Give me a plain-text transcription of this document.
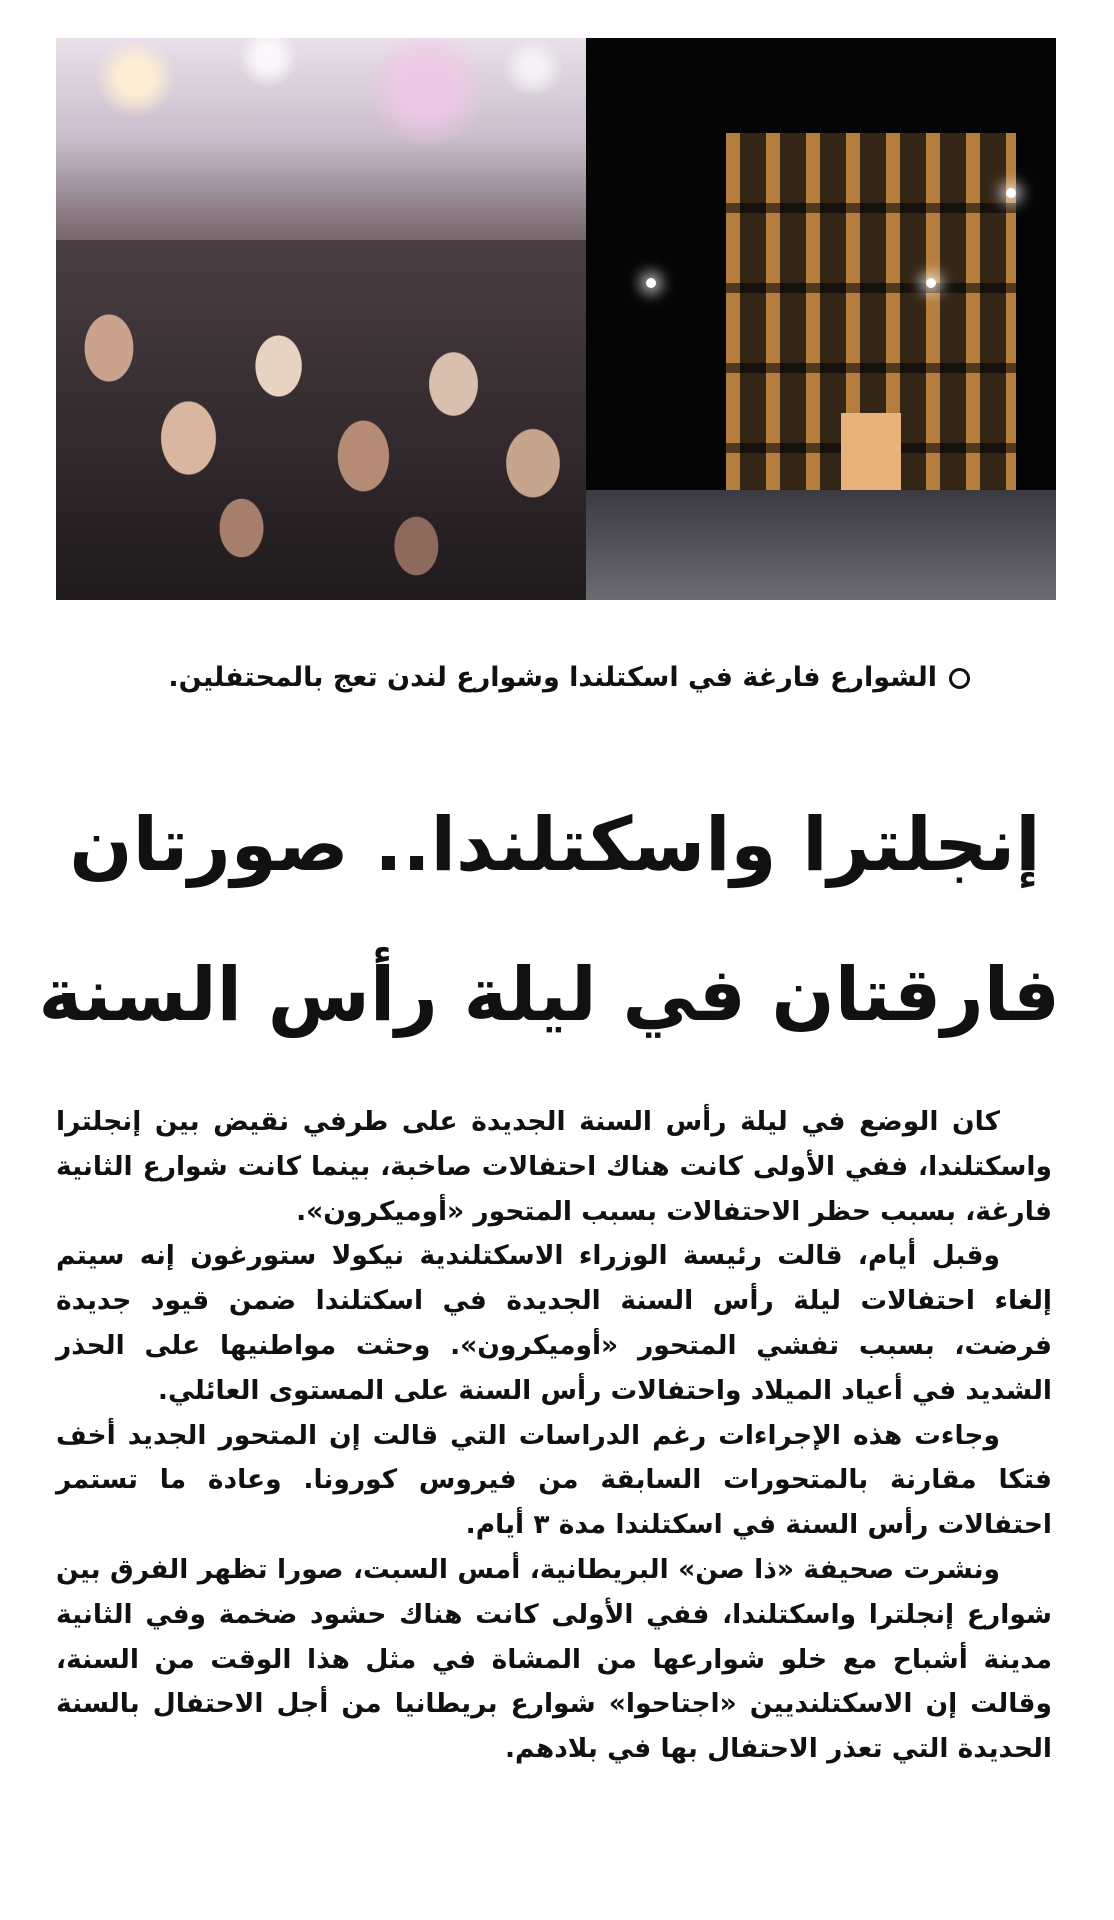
الشوارع فارغة في اسكتلندا وشوارع لندن تعج بالمحتفلين.
إنجلترا واسكتلندا.. صورتان
فارقتان في ليلة رأس السنة

كان الوضع في ليلة رأس السنة الجديدة على طرفي نقيض بين إنجلترا واسكتلندا، ففي الأولى كانت هناك احتفالات صاخبة، بينما كانت شوارع الثانية فارغة، بسبب حظر الاحتفالات بسبب المتحور «أوميكرون».

وقبل أيام، قالت رئيسة الوزراء الاسكتلندية نيكولا ستورغون إنه سيتم إلغاء احتفالات ليلة رأس السنة الجديدة في اسكتلندا ضمن قيود جديدة فرضت، بسبب تفشي المتحور «أوميكرون». وحثت مواطنيها على الحذر الشديد في أعياد الميلاد واحتفالات رأس السنة على المستوى العائلي.

وجاءت هذه الإجراءات رغم الدراسات التي قالت إن المتحور الجديد أخف فتكا مقارنة بالمتحورات السابقة من فيروس كورونا. وعادة ما تستمر احتفالات رأس السنة في اسكتلندا مدة ٣ أيام.

ونشرت صحيفة «ذا صن» البريطانية، أمس السبت، صورا تظهر الفرق بين شوارع إنجلترا واسكتلندا، ففي الأولى كانت هناك حشود ضخمة وفي الثانية مدينة أشباح مع خلو شوارعها من المشاة في مثل هذا الوقت من السنة، وقالت إن الاسكتلنديين «اجتاحوا» شوارع بريطانيا من أجل الاحتفال بالسنة الحديدة التي تعذر الاحتفال بها في بلادهم.
